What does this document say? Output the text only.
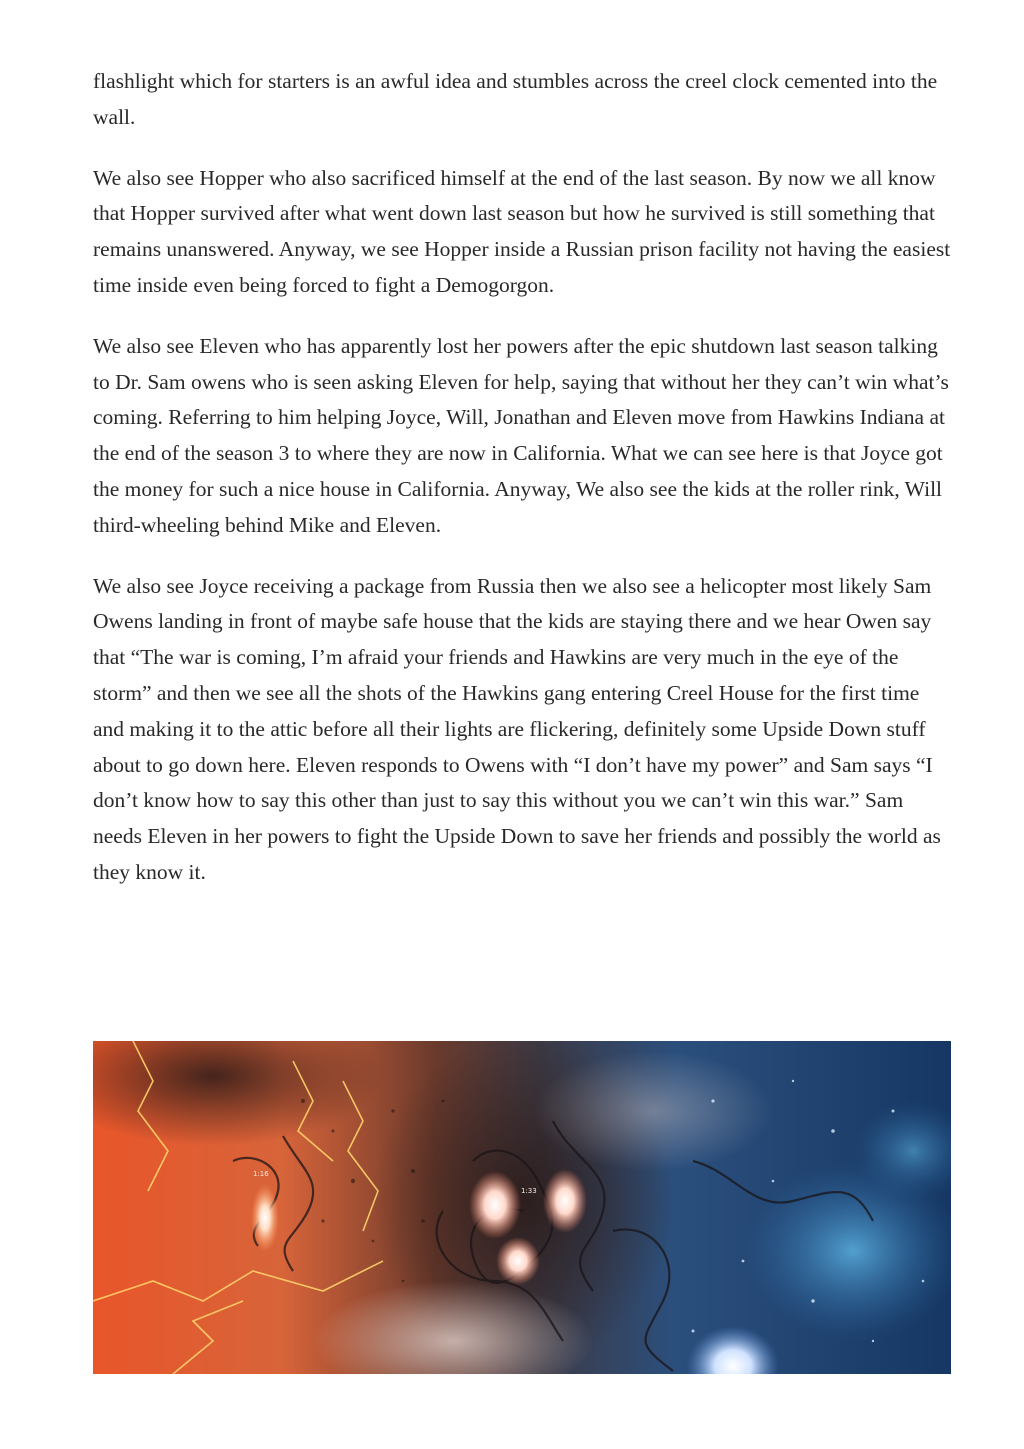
flashlight which for starters is an awful idea and stumbles across the creel clock cemented into the wall.

We also see Hopper who also sacrificed himself at the end of the last season. By now we all know that Hopper survived after what went down last season but how he survived is still something that remains unanswered. Anyway, we see Hopper inside a Russian prison facility not having the easiest time inside even being forced to fight a Demogorgon.

We also see Eleven who has apparently lost her powers after the epic shutdown last season talking to Dr. Sam owens who is seen asking Eleven for help, saying that without her they can’t win what’s coming. Referring to him helping Joyce, Will, Jonathan and Eleven move from Hawkins Indiana at the end of the season 3 to where they are now in California. What we can see here is that Joyce got the money for such a nice house in California. Anyway, We also see the kids at the roller rink, Will third-wheeling behind Mike and Eleven.

We also see Joyce receiving a package from Russia then we also see a helicopter most likely Sam Owens landing in front of maybe safe house that the kids are staying there and we hear Owen say that “The war is coming, I’m afraid your friends and Hawkins are very much in the eye of the storm” and then we see all the shots of the Hawkins gang entering Creel House for the first time and making it to the attic before all their lights are flickering, definitely some Upside Down stuff about to go down here. Eleven responds to Owens with “I don’t have my power” and Sam says “I don’t know how to say this other than just to say this without you we can’t win this war.” Sam needs Eleven in her powers to fight the Upside Down to save her friends and possibly the world as they know it.

1:16
1:33
